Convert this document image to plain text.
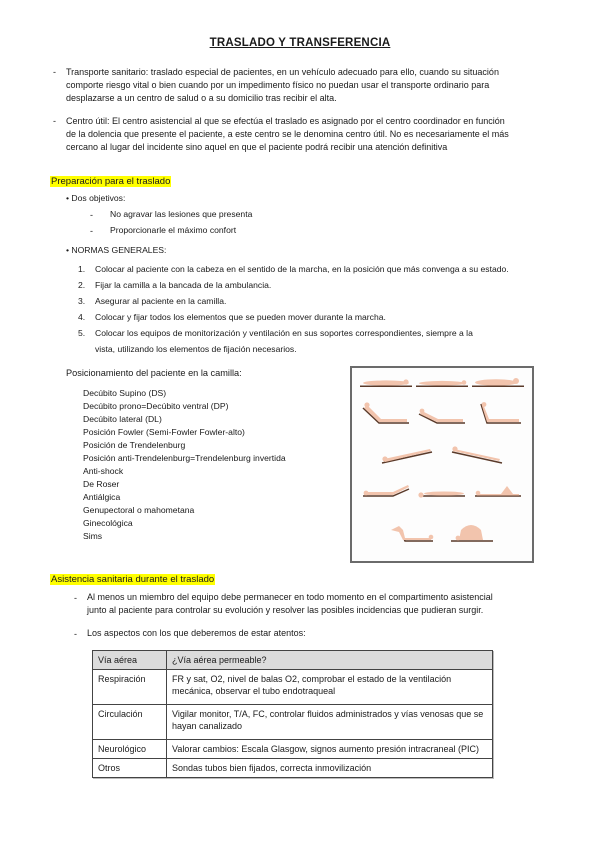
TRASLADO Y TRANSFERENCIA
- Transporte sanitario: traslado especial de pacientes, en un vehículo adecuado para ello, cuando su situación
comporte riesgo vital o bien cuando por un impedimento físico no puedan usar el transporte ordinario para
desplazarse a un centro de salud o a su domicilio tras recibir el alta.
- Centro útil: El centro asistencial al que se efectúa el traslado es asignado por el centro coordinador en función
de la dolencia que presente el paciente, a este centro se le denomina centro útil. No es necesariamente el más
cercano al lugar del incidente sino aquel en que el paciente podrá recibir una atención definitiva
Preparación para el traslado
• Dos objetivos:
- No agravar las lesiones que presenta
- Proporcionarle el máximo confort
• NORMAS GENERALES:
1.	Colocar al paciente con la cabeza en el sentido de la marcha, en la posición que más convenga a su estado.
2.	Fijar la camilla a la bancada de la ambulancia.
3.	Asegurar al paciente en la camilla.
4.	Colocar y fijar todos los elementos que se pueden mover durante la marcha.
5.	Colocar los equipos de monitorización y ventilación en sus soportes correspondientes, siempre a la
vista, utilizando los elementos de fijación necesarios.
Posicionamiento del paciente en la camilla:
Decúbito Supino (DS)
Decúbito prono=Decúbito ventral (DP)
Decúbito lateral (DL)
Posición Fowler (Semi-Fowler Fowler-alto)
Posición de Trendelenburg
Posición anti-Trendelenburg=Trendelenburg invertida
Anti-shock
De Roser
Antiálgica
Genupectoral o mahometana
Ginecológica
Sims

Asistencia sanitaria durante el traslado
- Al menos un miembro del equipo debe permanecer en todo momento en el compartimento asistencial
junto al paciente para controlar su evolución y resolver las posibles incidencias que pudieran surgir.
- Los aspectos con los que deberemos de estar atentos:
Vía aérea	¿Vía aérea permeable?
Respiración	FR y sat, O2, nivel de balas O2, comprobar el estado de la ventilación mecánica, observar el tubo endotraqueal
Circulación	Vigilar monitor, T/A, FC, controlar fluidos administrados y vías venosas que se hayan canalizado
Neurológico	Valorar cambios: Escala Glasgow, signos aumento presión intracraneal (PIC)
Otros	Sondas tubos bien fijados, correcta inmovilización
